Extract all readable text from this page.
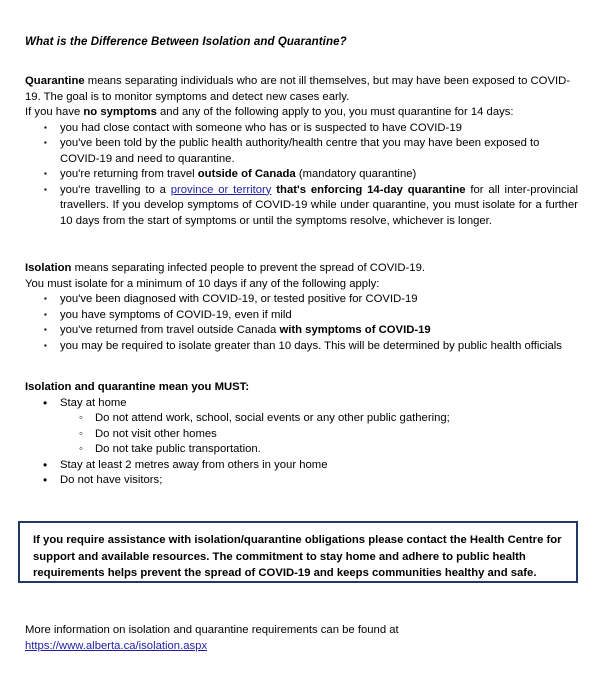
What is the Difference Between Isolation and Quarantine?

Quarantine means separating individuals who are not ill themselves, but may have been exposed to COVID-19. The goal is to monitor symptoms and detect new cases early.

If you have no symptoms and any of the following apply to you, you must quarantine for 14 days:

▪ you had close contact with someone who has or is suspected to have COVID-19
▪ you've been told by the public health authority/health centre that you may have been exposed to COVID-19 and need to quarantine.
▪ you're returning from travel outside of Canada (mandatory quarantine)
▪ you're travelling to a province or territory that's enforcing 14-day quarantine for all inter-provincial travellers. If you develop symptoms of COVID-19 while under quarantine, you must isolate for a further 10 days from the start of symptoms or until the symptoms resolve, whichever is longer.

Isolation means separating infected people to prevent the spread of COVID-19.

You must isolate for a minimum of 10 days if any of the following apply:

▪ you've been diagnosed with COVID-19, or tested positive for COVID-19
▪ you have symptoms of COVID-19, even if mild
▪ you've returned from travel outside Canada with symptoms of COVID-19
▪ you may be required to isolate greater than 10 days. This will be determined by public health officials

Isolation and quarantine mean you MUST:

• Stay at home
◦ Do not attend work, school, social events or any other public gathering;
◦ Do not visit other homes
◦ Do not take public transportation.
• Stay at least 2 metres away from others in your home
• Do not have visitors;
If you require assistance with isolation/quarantine obligations please contact the Health Centre for support and available resources. The commitment to stay home and adhere to public health requirements helps prevent the spread of COVID-19 and keeps communities healthy and safe.
More information on isolation and quarantine requirements can be found at
https://www.alberta.ca/isolation.aspx
